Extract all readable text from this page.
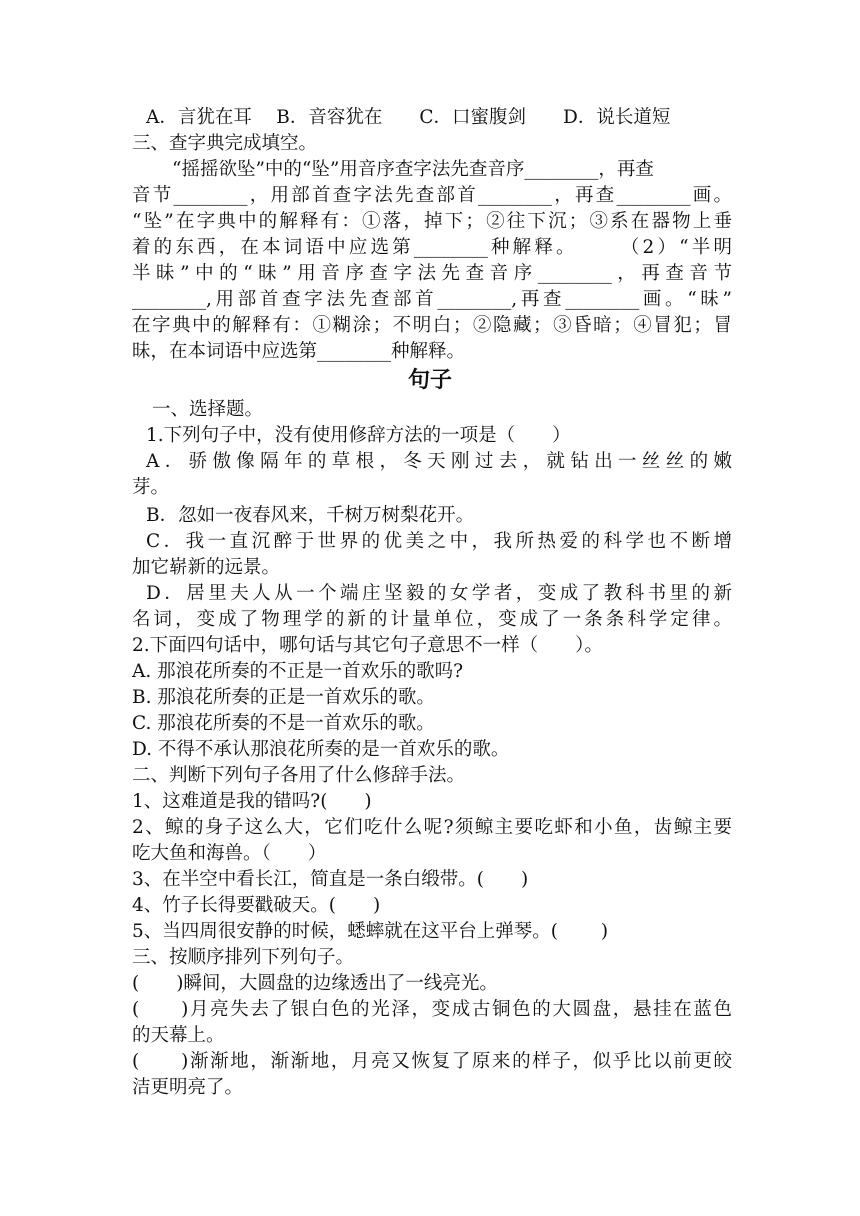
句子
A．言犹在耳　 B．音容犹在　　C．口蜜腹剑　　D．说长道短
三、查字典完成填空。
“摇摇欲坠”中的“坠”用音序查字法先查音序________，再查
音节________，用部首查字法先查部首________，再查________画。
“坠”在字典中的解释有：①落，掉下；②往下沉；③系在器物上垂
着的东西，在本词语中应选第________种解释。　　 （2）“半明
半昧”中的“昧”用音序查字法先查音序________，再查音节
________,用部首查字法先查部首________,再查________画。“昧”
在字典中的解释有：①糊涂；不明白；②隐藏；③昏暗；④冒犯；冒
昧，在本词语中应选第________种解释。
一、选择题。
1.下列句子中，没有使用修辞方法的一项是（　　）
A．骄傲像隔年的草根，冬天刚过去，就钻出一丝丝的嫩
芽。
B．忽如一夜春风来，千树万树梨花开。
C．我一直沉醉于世界的优美之中，我所热爱的科学也不断增
加它崭新的远景。
D．居里夫人从一个端庄坚毅的女学者，变成了教科书里的新
名词，变成了物理学的新的计量单位，变成了一条条科学定律。
2.下面四句话中，哪句话与其它句子意思不一样（　　）。
A. 那浪花所奏的不正是一首欢乐的歌吗?
B. 那浪花所奏的正是一首欢乐的歌。
C. 那浪花所奏的不是一首欢乐的歌。
D. 不得不承认那浪花所奏的是一首欢乐的歌。
二、判断下列句子各用了什么修辞手法。
1、这难道是我的错吗?(　　)
2、鲸的身子这么大，它们吃什么呢?须鲸主要吃虾和小鱼，齿鲸主要
吃大鱼和海兽。（　　）
3、在半空中看长江，简直是一条白缎带。(　　)
4、竹子长得要戳破天。(　　)
5、当四周很安静的时候，蟋蟀就在这平台上弹琴。(　　 )
三、按顺序排列下列句子。
(　　)瞬间，大圆盘的边缘透出了一线亮光。
(　　)月亮失去了银白色的光泽，变成古铜色的大圆盘，悬挂在蓝色
的天幕上。
(　　)渐渐地，渐渐地，月亮又恢复了原来的样子，似乎比以前更皎
洁更明亮了。
